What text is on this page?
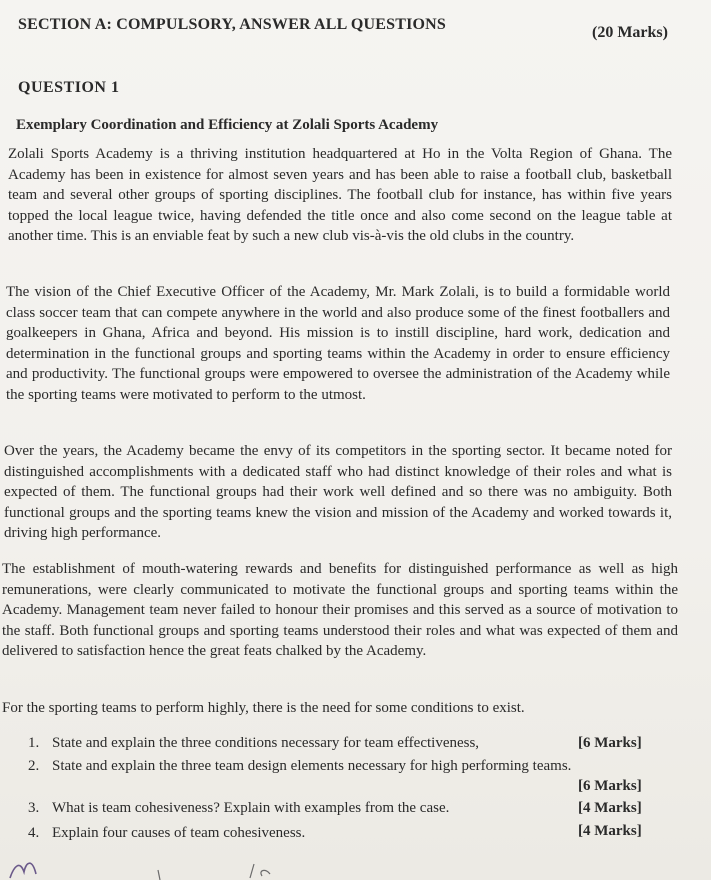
SECTION A: COMPULSORY, ANSWER ALL QUESTIONS	(20 Marks)
QUESTION 1
Exemplary Coordination and Efficiency at Zolali Sports Academy
Zolali Sports Academy is a thriving institution headquartered at Ho in the Volta Region of Ghana. The Academy has been in existence for almost seven years and has been able to raise a football club, basketball team and several other groups of sporting disciplines. The football club for instance, has within five years topped the local league twice, having defended the title once and also come second on the league table at another time. This is an enviable feat by such a new club vis-à-vis the old clubs in the country.
The vision of the Chief Executive Officer of the Academy, Mr. Mark Zolali, is to build a formidable world class soccer team that can compete anywhere in the world and also produce some of the finest footballers and goalkeepers in Ghana, Africa and beyond. His mission is to instill discipline, hard work, dedication and determination in the functional groups and sporting teams within the Academy in order to ensure efficiency and productivity. The functional groups were empowered to oversee the administration of the Academy while the sporting teams were motivated to perform to the utmost.
Over the years, the Academy became the envy of its competitors in the sporting sector. It became noted for distinguished accomplishments with a dedicated staff who had distinct knowledge of their roles and what is expected of them. The functional groups had their work well defined and so there was no ambiguity. Both functional groups and the sporting teams knew the vision and mission of the Academy and worked towards it, driving high performance.
The establishment of mouth-watering rewards and benefits for distinguished performance as well as high remunerations, were clearly communicated to motivate the functional groups and sporting teams within the Academy. Management team never failed to honour their promises and this served as a source of motivation to the staff. Both functional groups and sporting teams understood their roles and what was expected of them and delivered to satisfaction hence the great feats chalked by the Academy.
For the sporting teams to perform highly, there is the need for some conditions to exist.
1. State and explain the three conditions necessary for team effectiveness,	[6 Marks]
2. State and explain the three team design elements necessary for high performing teams.
[6 Marks]
3. What is team cohesiveness? Explain with examples from the case.	[4 Marks]
4. Explain four causes of team cohesiveness.	[4 Marks]
